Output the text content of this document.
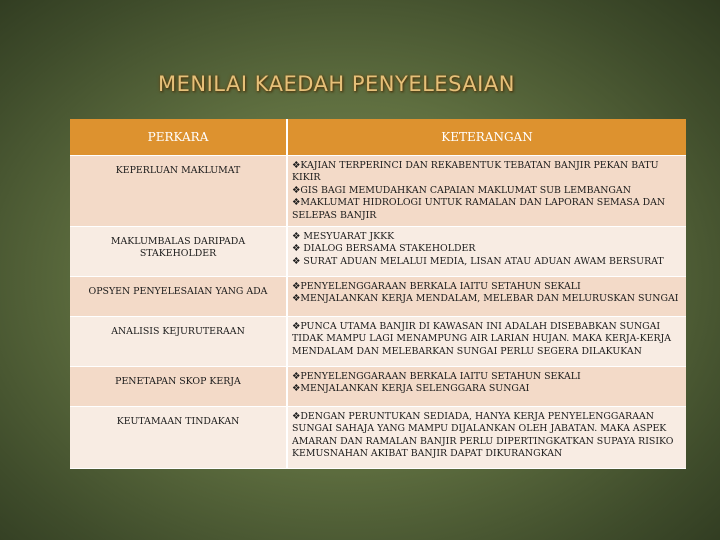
MENILAI KAEDAH PENYELESAIAN
PERKARA	KETERANGAN
KEPERLUAN MAKLUMAT	❖KAJIAN TERPERINCI DAN REKABENTUK TEBATAN BANJIR PEKAN BATU KIKIR
❖GIS BAGI MEMUDAHKAN CAPAIAN MAKLUMAT SUB LEMBANGAN
❖MAKLUMAT HIDROLOGI UNTUK RAMALAN DAN LAPORAN SEMASA DAN SELEPAS BANJIR

MAKLUMBALAS DARIPADA STAKEHOLDER	❖ MESYUARAT JKKK
❖ DIALOG BERSAMA STAKEHOLDER
❖ SURAT ADUAN MELALUI MEDIA, LISAN ATAU ADUAN AWAM BERSURAT

OPSYEN PENYELESAIAN YANG ADA	❖PENYELENGGARAAN BERKALA IAITU SETAHUN SEKALI
❖MENJALANKAN KERJA MENDALAM, MELEBAR DAN MELURUSKAN SUNGAI

ANALISIS KEJURUTERAAN	❖PUNCA UTAMA BANJIR DI KAWASAN INI ADALAH DISEBABKAN SUNGAI TIDAK MAMPU LAGI MENAMPUNG AIR LARIAN HUJAN. MAKA KERJA-KERJA MENDALAM DAN MELEBARKAN SUNGAI PERLU SEGERA DILAKUKAN

PENETAPAN SKOP KERJA	❖PENYELENGGARAAN BERKALA IAITU SETAHUN SEKALI
❖MENJALANKAN KERJA SELENGGARA SUNGAI

KEUTAMAAN TINDAKAN	❖DENGAN PERUNTUKAN SEDIADA, HANYA KERJA PENYELENGGARAAN SUNGAI SAHAJA YANG MAMPU DIJALANKAN OLEH JABATAN. MAKA ASPEK AMARAN DAN RAMALAN BANJIR PERLU DIPERTINGKATKAN SUPAYA RISIKO KEMUSNAHAN AKIBAT BANJIR DAPAT DIKURANGKAN
